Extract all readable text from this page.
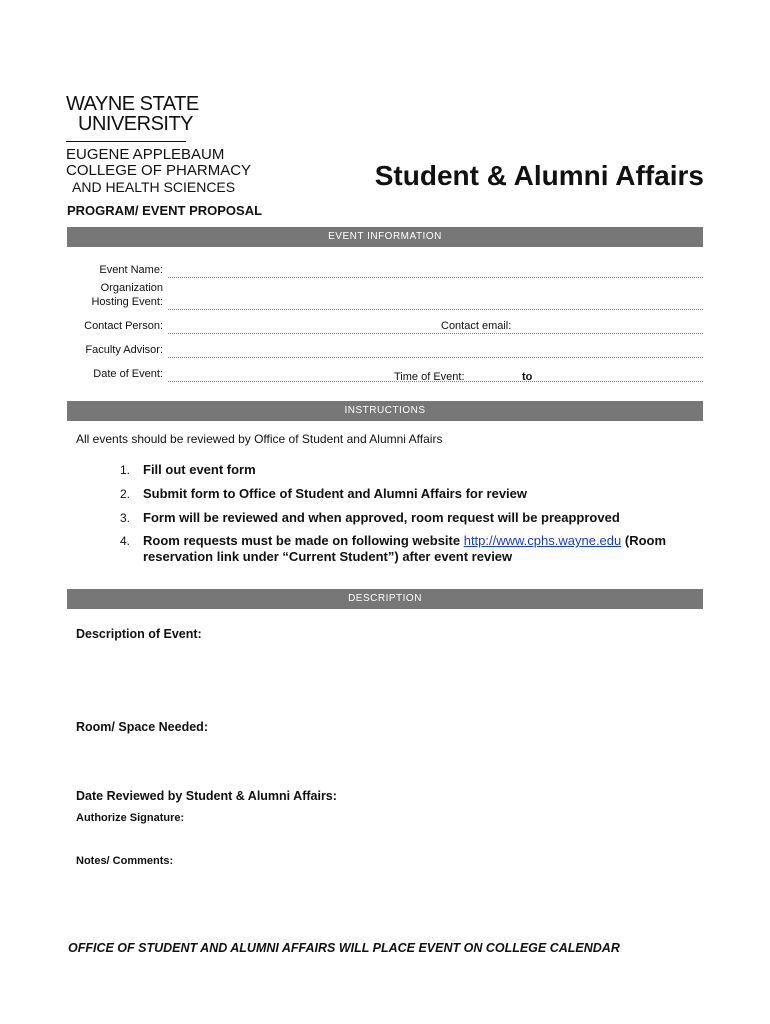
WAYNE STATE
UNIVERSITY
EUGENE APPLEBAUM
COLLEGE OF PHARMACY
AND HEALTH SCIENCES	Student & Alumni Affairs
PROGRAM/ EVENT PROPOSAL
EVENT INFORMATION
Event Name:
Organization
Hosting Event:
Contact Person:	Contact email:
Faculty Advisor:
Date of Event:	Time of Event:	to
INSTRUCTIONS
All events should be reviewed by Office of Student and Alumni Affairs
1. Fill out event form
2. Submit form to Office of Student and Alumni Affairs for review
3. Form will be reviewed and when approved, room request will be preapproved
4. Room requests must be made on following website http://www.cphs.wayne.edu (Room reservation link under “Current Student”) after event review
DESCRIPTION
Description of Event:
Room/ Space Needed:
Date Reviewed by Student & Alumni Affairs:
Authorize Signature:
Notes/ Comments:
OFFICE OF STUDENT AND ALUMNI AFFAIRS WILL PLACE EVENT ON COLLEGE CALENDAR
